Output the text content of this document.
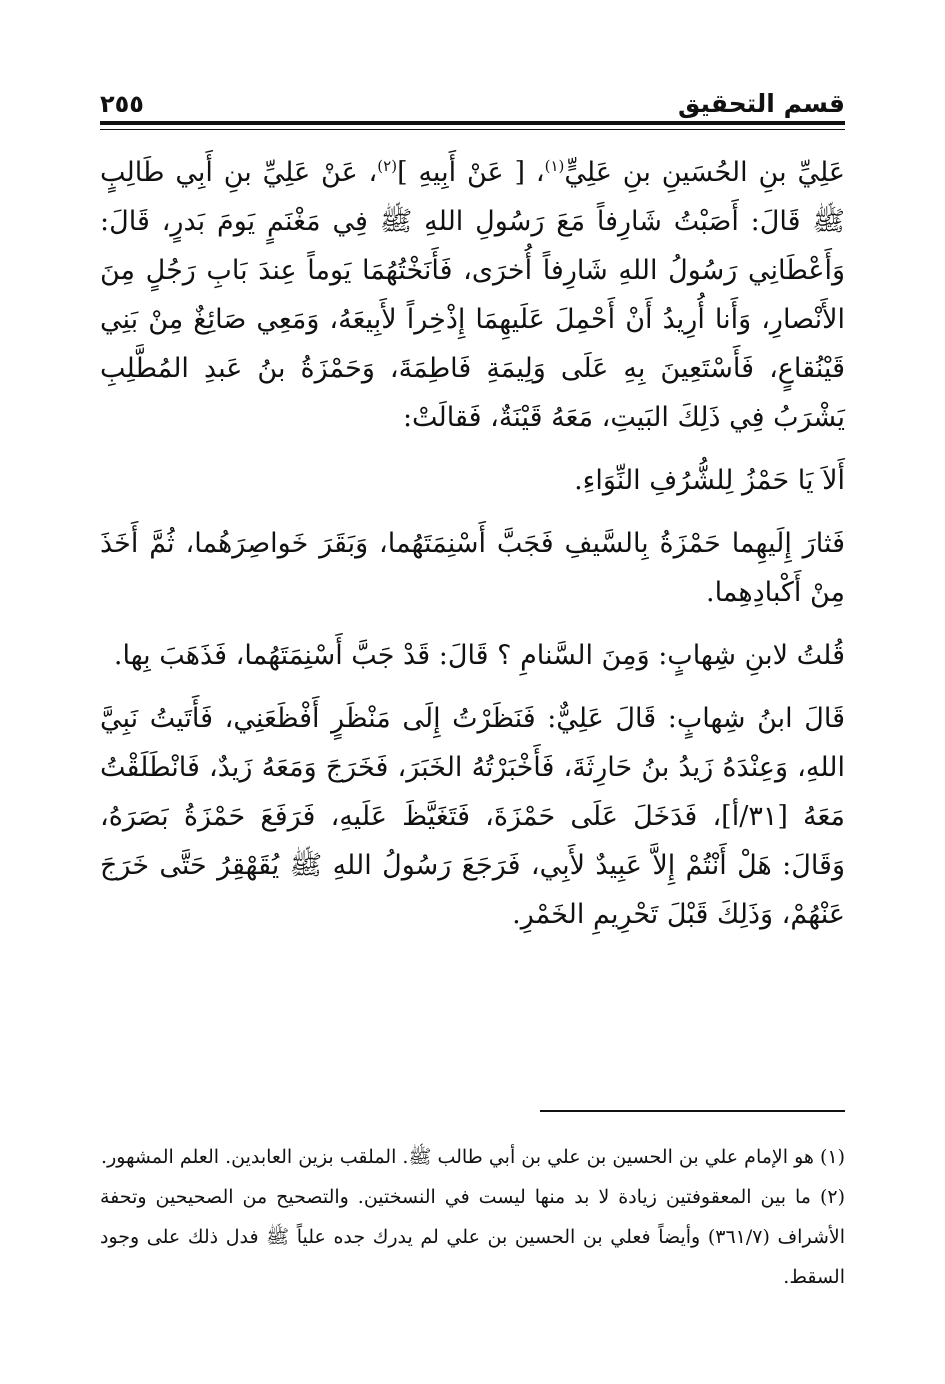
٢٥٥	قسم التحقيق

عَلِيِّ بنِ الحُسَينِ بنِ عَلِيٍّ$^{(١)}$، [ عَنْ أَبِيهِ ]$^{(٢)}$، عَنْ عَلِيِّ بنِ أَبِي طَالِبٍ ﷺ قَالَ: أَصَبْتُ شَارِفاً مَعَ رَسُولِ اللهِ ﷺ فِي مَغْنَمٍ يَومَ بَدرٍ، قَالَ: وَأَعْطَانِي رَسُولُ اللهِ شَارِفاً أُخرَى، فَأَنَخْتُهُمَا يَوماً عِندَ بَابِ رَجُلٍ مِنَ الأَنْصارِ، وَأَنا أُرِيدُ أَنْ أَحْمِلَ عَلَيهِمَا إِذْخِراً لأَبِيعَهُ، وَمَعِي صَائِغٌ مِنْ بَنِي قَيْنُقاعٍ، فَأَسْتَعِينَ بِهِ عَلَى وَلِيمَةِ فَاطِمَةَ، وَحَمْزَةُ بنُ عَبدِ المُطَّلِبِ يَشْرَبُ فِي ذَلِكَ البَيتِ، مَعَهُ قَيْنَةٌ، فَقالَتْ:

أَلاَ يَا حَمْزُ لِلشُّرُفِ النِّوَاءِ.

فَثارَ إِلَيهِما حَمْزَةُ بِالسَّيفِ فَجَبَّ أَسْنِمَتَهُما، وَبَقَرَ خَواصِرَهُما، ثُمَّ أَخَذَ مِنْ أَكْبادِهِما.

قُلتُ لابنِ شِهابٍ: وَمِنَ السَّنامِ ؟ قَالَ: قَدْ جَبَّ أَسْنِمَتَهُما، فَذَهَبَ بِها.

قَالَ ابنُ شِهابٍ: قَالَ عَلِيٌّ: فَنَظَرْتُ إِلَى مَنْظَرٍ أَفْظَعَنِي، فَأَتَيتُ نَبِيَّ اللهِ، وَعِنْدَهُ زَيدُ بنُ حَارِثَةَ، فَأَخْبَرْتُهُ الخَبَرَ، فَخَرَجَ وَمَعَهُ زَيدٌ، فَانْطَلَقْتُ مَعَهُ [٣١/أ]، فَدَخَلَ عَلَى حَمْزَةَ، فَتَغَيَّظَ عَلَيهِ، فَرَفَعَ حَمْزَةُ بَصَرَهُ، وَقَالَ: هَلْ أَنْتُمْ إِلاَّ عَبِيدٌ لأَبِي، فَرَجَعَ رَسُولُ اللهِ ﷺ يُقَهْقِرُ حَتَّى خَرَجَ عَنْهُمْ، وَذَلِكَ قَبْلَ تَحْرِيمِ الخَمْرِ.

(١) هو الإمام علي بن الحسين بن علي بن أبي طالب ﷺ. الملقب بزين العابدين. العلم المشهور.

(٢) ما بين المعقوفتين زيادة لا بد منها ليست في النسختين. والتصحيح من الصحيحين وتحفة الأشراف (٣٦١/٧) وأيضاً فعلي بن الحسين بن علي لم يدرك جده علياً ﷺ فدل ذلك على وجود السقط.
